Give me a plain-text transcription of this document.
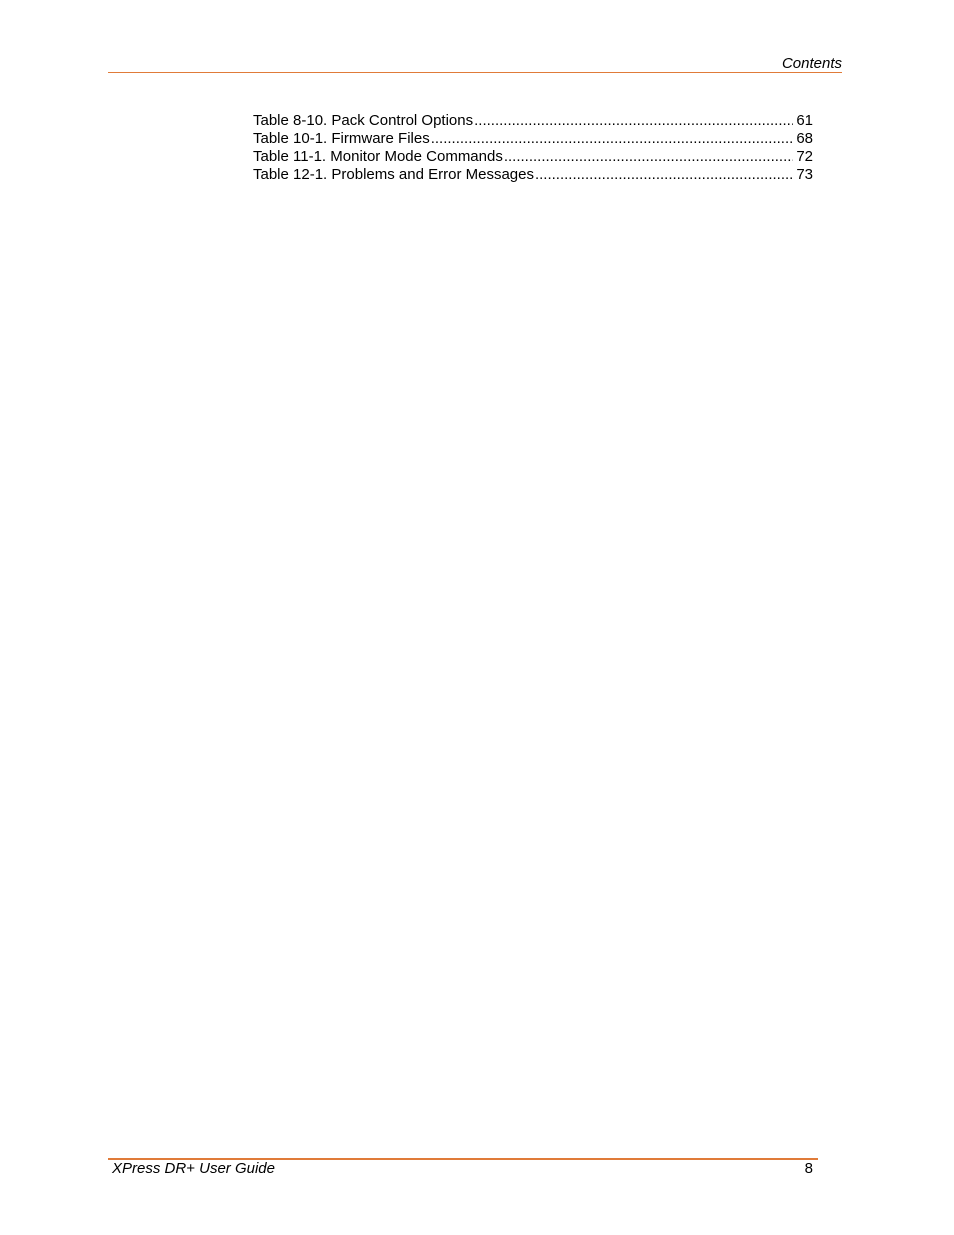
Contents
Table 8-10. Pack Control Options .....	61
Table 10-1. Firmware Files .....	68
Table 11-1. Monitor Mode Commands .....	72
Table 12-1. Problems and Error Messages .....	73
XPress DR+ User Guide	8
